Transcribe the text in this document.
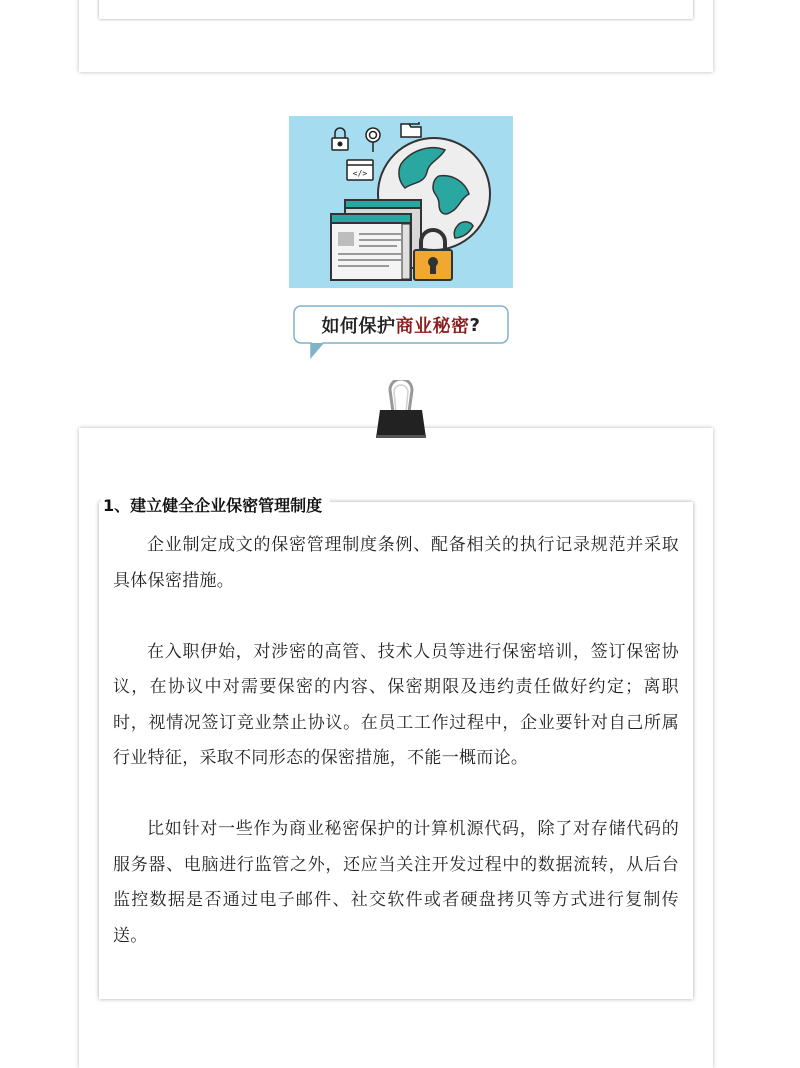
</>
如何保护 商业秘密 ?
1、建立健全企业保密管理制度

企业制定成文的保密管理制度条例、配备相关的执行记录规范并采取具体保密措施。

在入职伊始，对涉密的高管、技术人员等进行保密培训，签订保密协议，在协议中对需要保密的内容、保密期限及违约责任做好约定；离职时，视情况签订竞业禁止协议。在员工工作过程中，企业要针对自己所属行业特征，采取不同形态的保密措施，不能一概而论。

比如针对一些作为商业秘密保护的计算机源代码，除了对存储代码的服务器、电脑进行监管之外，还应当关注开发过程中的数据流转，从后台监控数据是否通过电子邮件、社交软件或者硬盘拷贝等方式进行复制传送。
